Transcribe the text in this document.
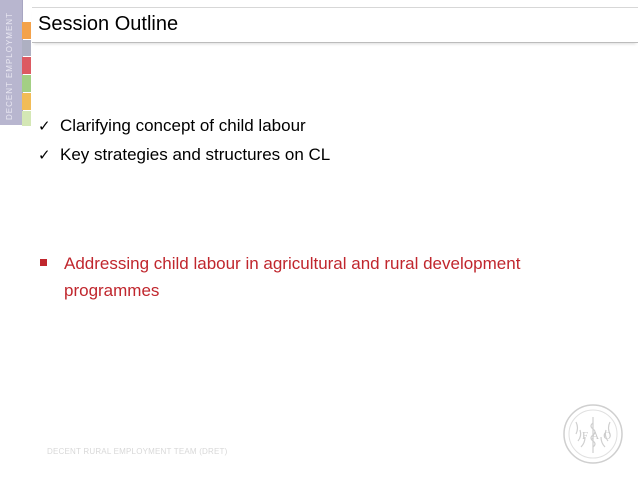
DECENT EMPLOYMENT Session Outline
✓ Clarifying concept of child labour
✓ Key strategies and structures on CL
Addressing child labour in agricultural and rural development programmes
DECENT RURAL EMPLOYMENT TEAM (DRET)
FAO
